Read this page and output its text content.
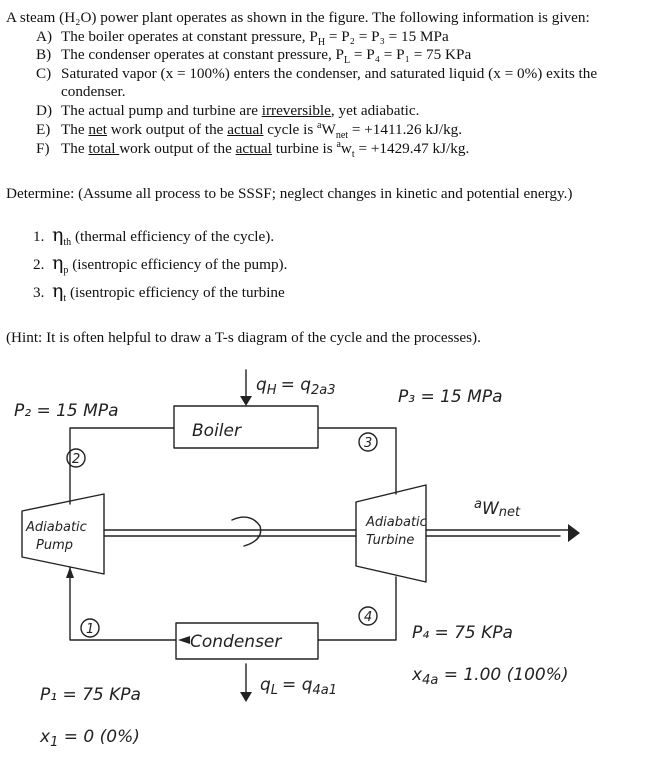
A steam (H₂O) power plant operates as shown in the figure. The following information is given:

A) The boiler operates at constant pressure, $P_H = P_2 = P_3 = 15$ MPa

B) The condenser operates at constant pressure, $P_L = P_4 = P_1 = 75$ KPa

C) Saturated vapor (x = 100%) enters the condenser, and saturated liquid (x = 0%) exits the

condenser.

D) The actual pump and turbine are irreversible, yet adiabatic.

E) The net work output of the actual cycle is $^aW_{net} = +1411.26$ kJ/kg.

F) The total work output of the actual turbine is $^aw_t = +1429.47$ kJ/kg.

Determine: (Assume all process to be SSSF; neglect changes in kinetic and potential energy.)

1. $\eta_{th}$ (thermal efficiency of the cycle).

2. $\eta_p$ (isentropic efficiency of the pump).

3. $\eta_t$ (isentropic efficiency of the turbine

(Hint: It is often helpful to draw a T-s diagram of the cycle and the processes).

$q_H = q_{2a3}$
P₂ = 15 MPa
P₃ = 15 MPa
Boiler
Condenser
Adiabatic
Pump
Adiabatic
Turbine
2
3
4
1
$^a$Wnet
P₄ = 75 KPa
$x_{4a} = 1.00$ (100%)
$q_L = q_{4a1}$
P₁ = 75 KPa
$x_1 = 0$ (0%)
